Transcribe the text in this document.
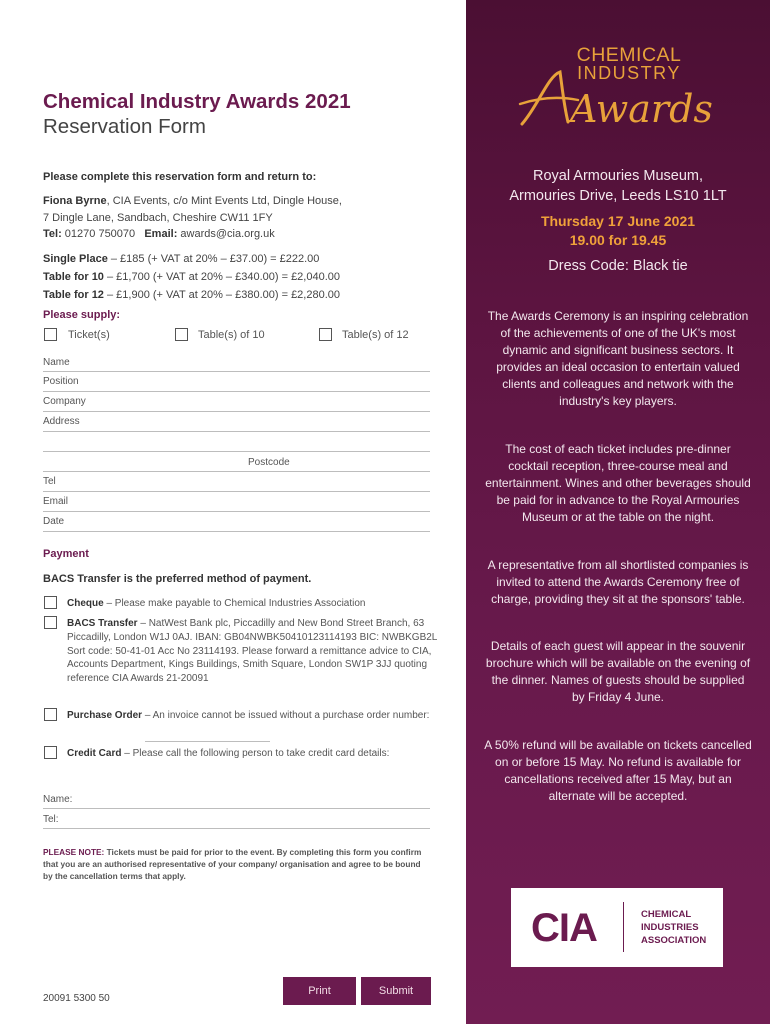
Chemical Industry Awards 2021
Reservation Form
Please complete this reservation form and return to:
Fiona Byrne, CIA Events, c/o Mint Events Ltd, Dingle House,
7 Dingle Lane, Sandbach, Cheshire CW11 1FY
Tel: 01270 750070 Email: awards@cia.org.uk
Single Place – £185 (+ VAT at 20% – £37.00) = £222.00
Table for 10 – £1,700 (+ VAT at 20% – £340.00) = £2,040.00
Table for 12 – £1,900 (+ VAT at 20% – £380.00) = £2,280.00
Please supply:
Ticket(s)	Table(s) of 10	Table(s) of 12
Name
Position
Company
Address
Postcode
Tel
Email
Date
Payment
BACS Transfer is the preferred method of payment.
Cheque – Please make payable to Chemical Industries Association
BACS Transfer – NatWest Bank plc, Piccadilly and New Bond Street Branch, 63 Piccadilly, London W1J 0AJ. IBAN: GB04NWBK50410123114193 BIC: NWBKGB2L Sort code: 50-41-01 Acc No 23114193. Please forward a remittance advice to CIA, Accounts Department, Kings Buildings, Smith Square, London SW1P 3JJ quoting reference CIA Awards 21-20091
Purchase Order – An invoice cannot be issued without a purchase order number:
Credit Card – Please call the following person to take credit card details:
Name:
Tel:
PLEASE NOTE: Tickets must be paid for prior to the event. By completing this form you confirm that you are an authorised representative of your company/ organisation and agree to be bound by the cancellation terms that apply.
Print	Submit
20091 5300 50
CHEMICAL
INDUSTRY
Awards
Royal Armouries Museum,
Armouries Drive, Leeds LS10 1LT
Thursday 17 June 2021
19.00 for 19.45
Dress Code: Black tie
The Awards Ceremony is an inspiring celebration of the achievements of one of the UK's most dynamic and significant business sectors. It provides an ideal occasion to entertain valued clients and colleagues and network with the industry's key players.
The cost of each ticket includes pre-dinner cocktail reception, three-course meal and entertainment. Wines and other beverages should be paid for in advance to the Royal Armouries Museum or at the table on the night.
A representative from all shortlisted companies is invited to attend the Awards Ceremony free of charge, providing they sit at the sponsors' table.
Details of each guest will appear in the souvenir brochure which will be available on the evening of the dinner. Names of guests should be supplied by Friday 4 June.
A 50% refund will be available on tickets cancelled on or before 15 May. No refund is available for cancellations received after 15 May, but an alternate will be accepted.
CIA	CHEMICAL
INDUSTRIES
ASSOCIATION
